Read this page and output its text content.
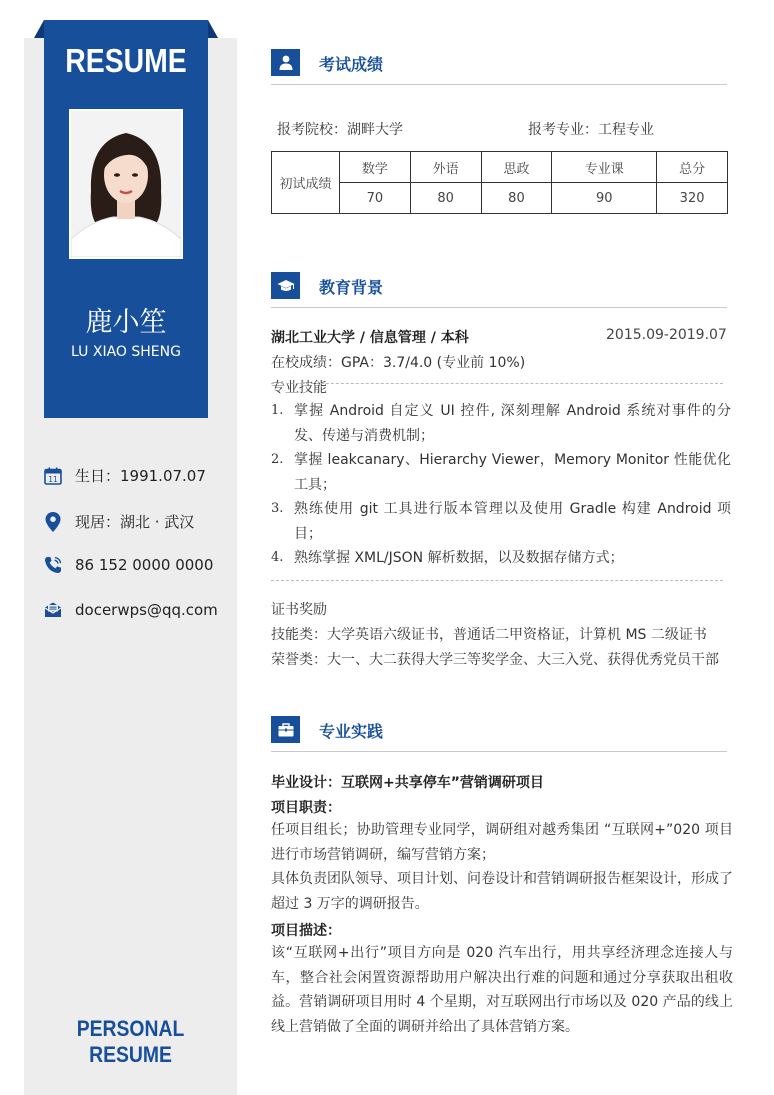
RESUME
鹿小笙
LU XIAO SHENG
11 生日：1991.07.07
现居：湖北 · 武汉
86 152 0000 0000
docerwps@qq.com
PERSONAL RESUME
考试成绩
报考院校：湖畔大学	报考专业：工程专业
初试成绩	数学	外语	思政	专业课	总分
	70	80	80	90	320
教育背景
湖北工业大学 / 信息管理 / 本科	2015.09-2019.07
在校成绩：GPA：3.7/4.0 (专业前 10%)
专业技能
1. 掌握 Android 自定义 UI 控件, 深刻理解 Android 系统对事件的分发、传递与消费机制；
2. 掌握 leakcanary、Hierarchy Viewer，Memory Monitor 性能优化工具；
3. 熟练使用 git 工具进行版本管理以及使用 Gradle 构建 Android 项目；
4. 熟练掌握 XML/JSON 解析数据，以及数据存储方式；
证书奖励
技能类：大学英语六级证书，普通话二甲资格证，计算机 MS 二级证书
荣誉类：大一、大二获得大学三等奖学金、大三入党、获得优秀党员干部
专业实践
毕业设计：互联网+共享停车”营销调研项目
项目职责：
任项目组长；协助管理专业同学，调研组对越秀集团 “互联网+”020 项目进行市场营销调研，编写营销方案；
具体负责团队领导、项目计划、问卷设计和营销调研报告框架设计，形成了超过 3 万字的调研报告。
项目描述：
该“互联网+出行”项目方向是 020 汽车出行，用共享经济理念连接人与车，整合社会闲置资源帮助用户解决出行难的问题和通过分享获取出租收益。营销调研项目用时 4 个星期，对互联网出行市场以及 020 产品的线上线上营销做了全面的调研并给出了具体营销方案。
